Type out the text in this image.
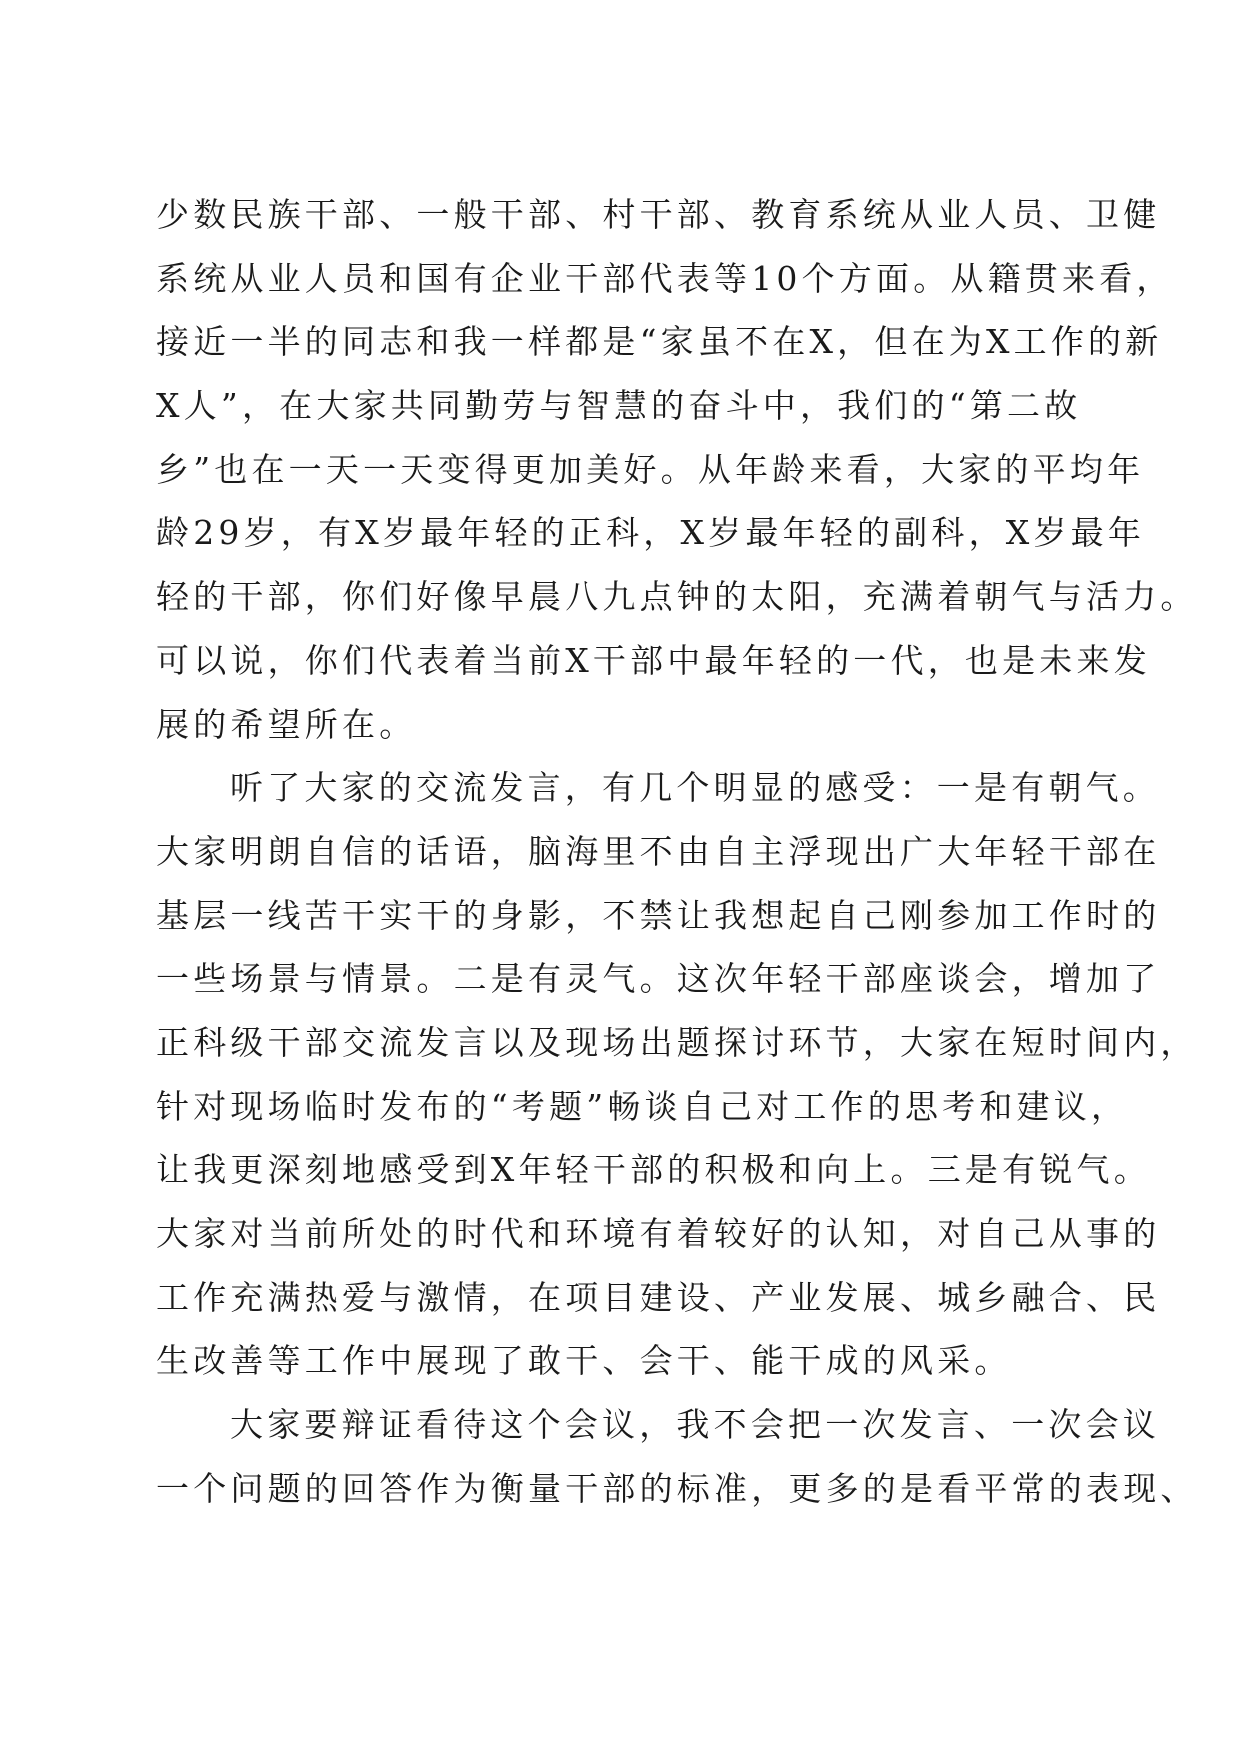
少数民族干部、一般干部、村干部、教育系统从业人员、卫健
系统从业人员和国有企业干部代表等10个方面。从籍贯来看，
接近一半的同志和我一样都是“家虽不在X，但在为X工作的新
X人”，在大家共同勤劳与智慧的奋斗中，我们的“第二故
乡”也在一天一天变得更加美好。从年龄来看，大家的平均年
龄29岁，有X岁最年轻的正科，X岁最年轻的副科，X岁最年
轻的干部，你们好像早晨八九点钟的太阳，充满着朝气与活力。
可以说，你们代表着当前X干部中最年轻的一代，也是未来发
展的希望所在。
听了大家的交流发言，有几个明显的感受：一是有朝气。
大家明朗自信的话语，脑海里不由自主浮现出广大年轻干部在
基层一线苦干实干的身影，不禁让我想起自己刚参加工作时的
一些场景与情景。二是有灵气。这次年轻干部座谈会，增加了
正科级干部交流发言以及现场出题探讨环节，大家在短时间内，
针对现场临时发布的“考题”畅谈自己对工作的思考和建议，
让我更深刻地感受到X年轻干部的积极和向上。三是有锐气。
大家对当前所处的时代和环境有着较好的认知，对自己从事的
工作充满热爱与激情，在项目建设、产业发展、城乡融合、民
生改善等工作中展现了敢干、会干、能干成的风采。
大家要辩证看待这个会议，我不会把一次发言、一次会议
一个问题的回答作为衡量干部的标准，更多的是看平常的表现、
